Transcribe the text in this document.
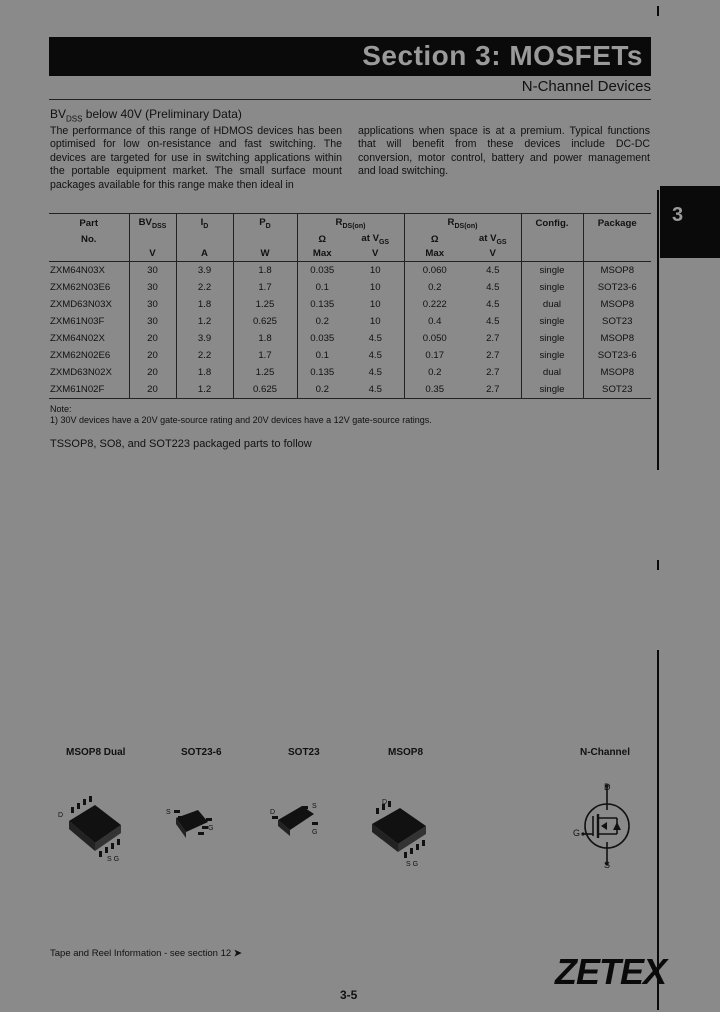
Section 3: MOSFETs
N-Channel Devices
3
$BV_{DSS}$ below 40V (Preliminary Data)
The performance of this range of HDMOS devices has been optimised for low on-resistance and fast switching. The devices are targeted for use in switching applications within the portable equipment market. The small surface mount packages available for this range make then ideal in
applications when space is at a premium. Typical functions that will benefit from these devices include DC-DC conversion, motor control, battery and power management and load switching.
Part	$BV_{DSS}$	$I_D$	$P_D$	$R_{DS(on)}$		$R_{DS(on)}$		Config.	Package
No.				Ω	at $V_{GS}$	Ω	at $V_{GS}$		
	V	A	W	Max	V	Max	V		
ZXM64N03X	30	3.9	1.8	0.035	10	0.060	4.5	single	MSOP8
ZXM62N03E6	30	2.2	1.7	0.1	10	0.2	4.5	single	SOT23-6
ZXMD63N03X	30	1.8	1.25	0.135	10	0.222	4.5	dual	MSOP8
ZXM61N03F	30	1.2	0.625	0.2	10	0.4	4.5	single	SOT23
ZXM64N02X	20	3.9	1.8	0.035	4.5	0.050	2.7	single	MSOP8
ZXM62N02E6	20	2.2	1.7	0.1	4.5	0.17	2.7	single	SOT23-6
ZXMD63N02X	20	1.8	1.25	0.135	4.5	0.2	2.7	dual	MSOP8
ZXM61N02F	20	1.2	0.625	0.2	4.5	0.35	2.7	single	SOT23
Note:
1) 30V devices have a 20V gate-source rating and 20V devices have a 12V gate-source ratings.
TSSOP8, SO8, and SOT223 packaged parts to follow
MSOP8 Dual	SOT23-6	SOT23	MSOP8	N-Channel
D
S G
S
G
D
S
G
D
S G
D
G
S
Tape and Reel Information - see section 12 ➤	ZETEX
3-5
